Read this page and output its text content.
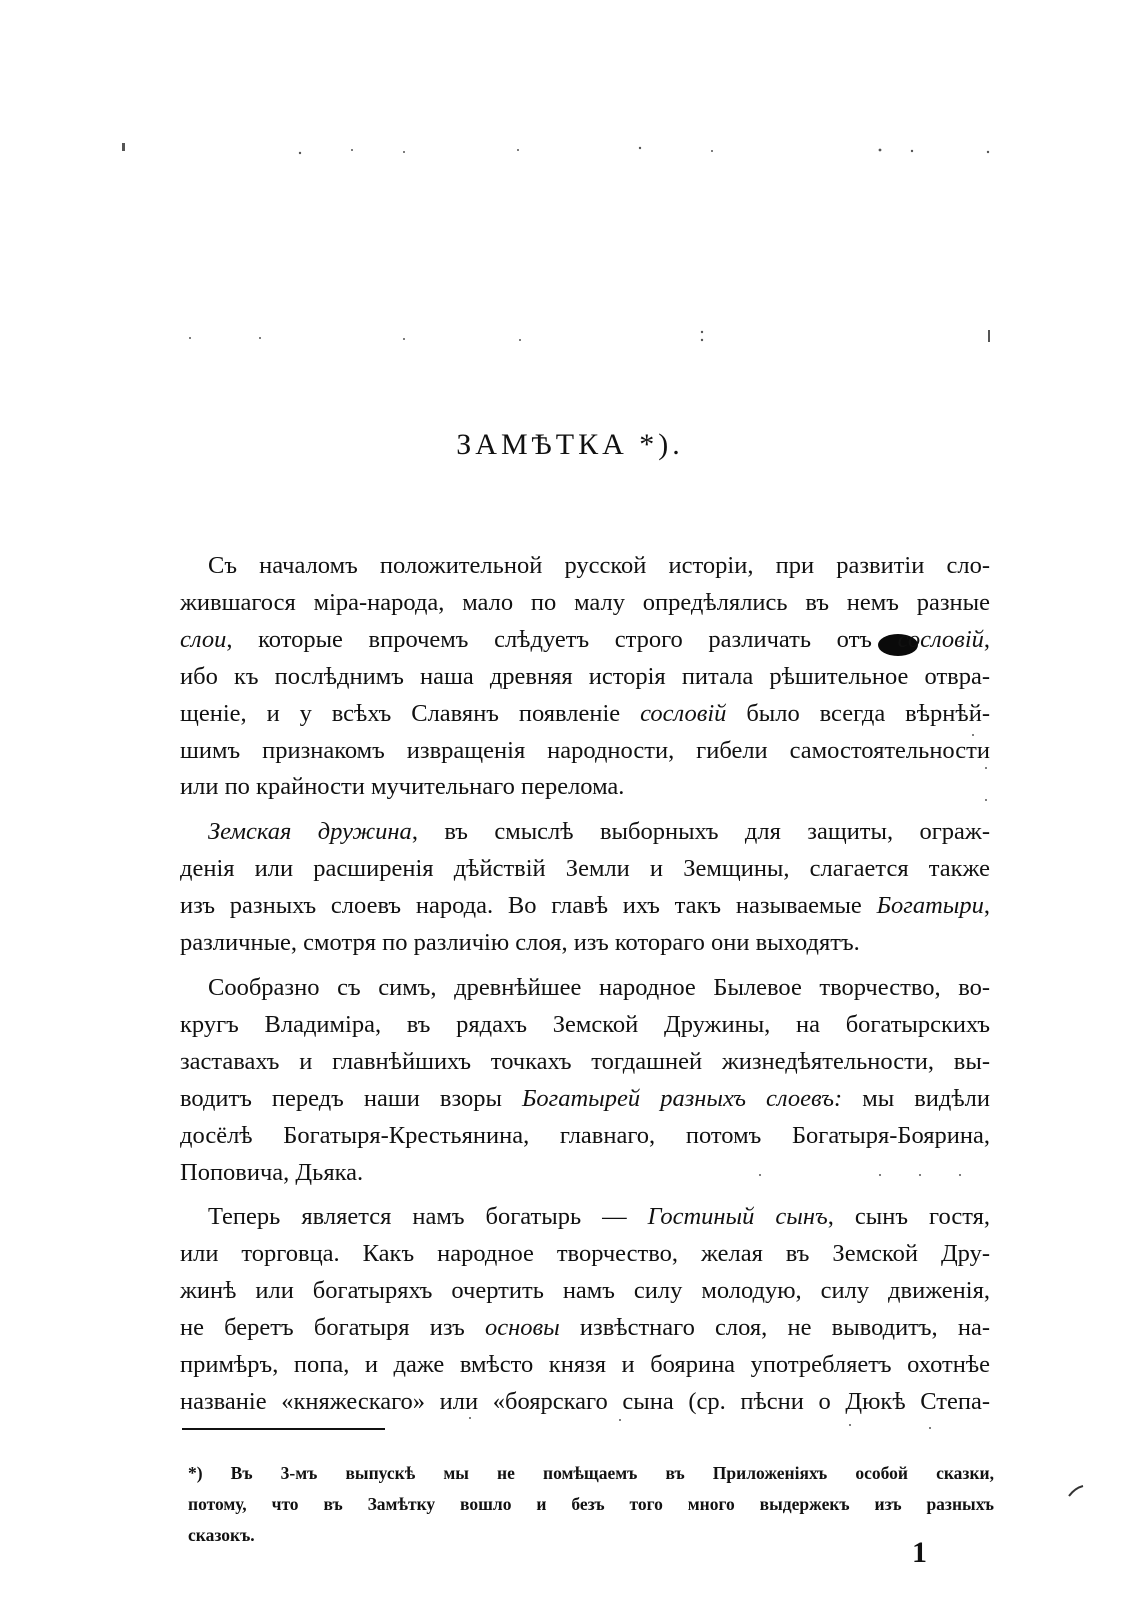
ЗАМѢТКА *).
Съ началомъ положительной русской исторіи, при развитіи сло-
жившагося міра-народа, мало по малу опредѣлялись въ немъ разные
слои, которые впрочемъ слѣдуетъ строго различать отъ сословій,
ибо къ послѣднимъ наша древняя исторія питала рѣшительное отвра-
щеніе, и у всѣхъ Славянъ появленіе сословій было всегда вѣрнѣй-
шимъ признакомъ извращенія народности, гибели самостоятельности
или по крайности мучительнаго перелома.
Земская дружина, въ смыслѣ выборныхъ для защиты, ограж-
денія или расширенія дѣйствій Земли и Земщины, слагается также
изъ разныхъ слоевъ народа. Во главѣ ихъ такъ называемые Богатыри,
различные, смотря по различію слоя, изъ котораго они выходятъ.
Сообразно съ симъ, древнѣйшее народное Былевое творчество, во-
кругъ Владиміра, въ рядахъ Земской Дружины, на богатырскихъ
заставахъ и главнѣйшихъ точкахъ тогдашней жизнедѣятельности, вы-
водитъ передъ наши взоры Богатырей разныхъ слоевъ: мы видѣли
досёлѣ Богатыря-Крестьянина, главнаго, потомъ Богатыря-Боярина,
Поповича, Дьяка.
Теперь является намъ богатырь — Гостиный сынъ, сынъ гостя,
или торговца. Какъ народное творчество, желая въ Земской Дру-
жинѣ или богатыряхъ очертить намъ силу молодую, силу движенія,
не беретъ богатыря изъ основы извѣстнаго слоя, не выводитъ, на-
примѣръ, попа, и даже вмѣсто князя и боярина употребляетъ охотнѣе
названіе «княжескаго» или «боярскаго сына (ср. пѣсни о Дюкѣ Степа-
*) Въ 3-мъ выпускѣ мы не помѣщаемъ въ Приложеніяхъ особой сказки,
потому, что въ Замѣтку вошло и безъ того много выдержекъ изъ разныхъ
сказокъ.
1
